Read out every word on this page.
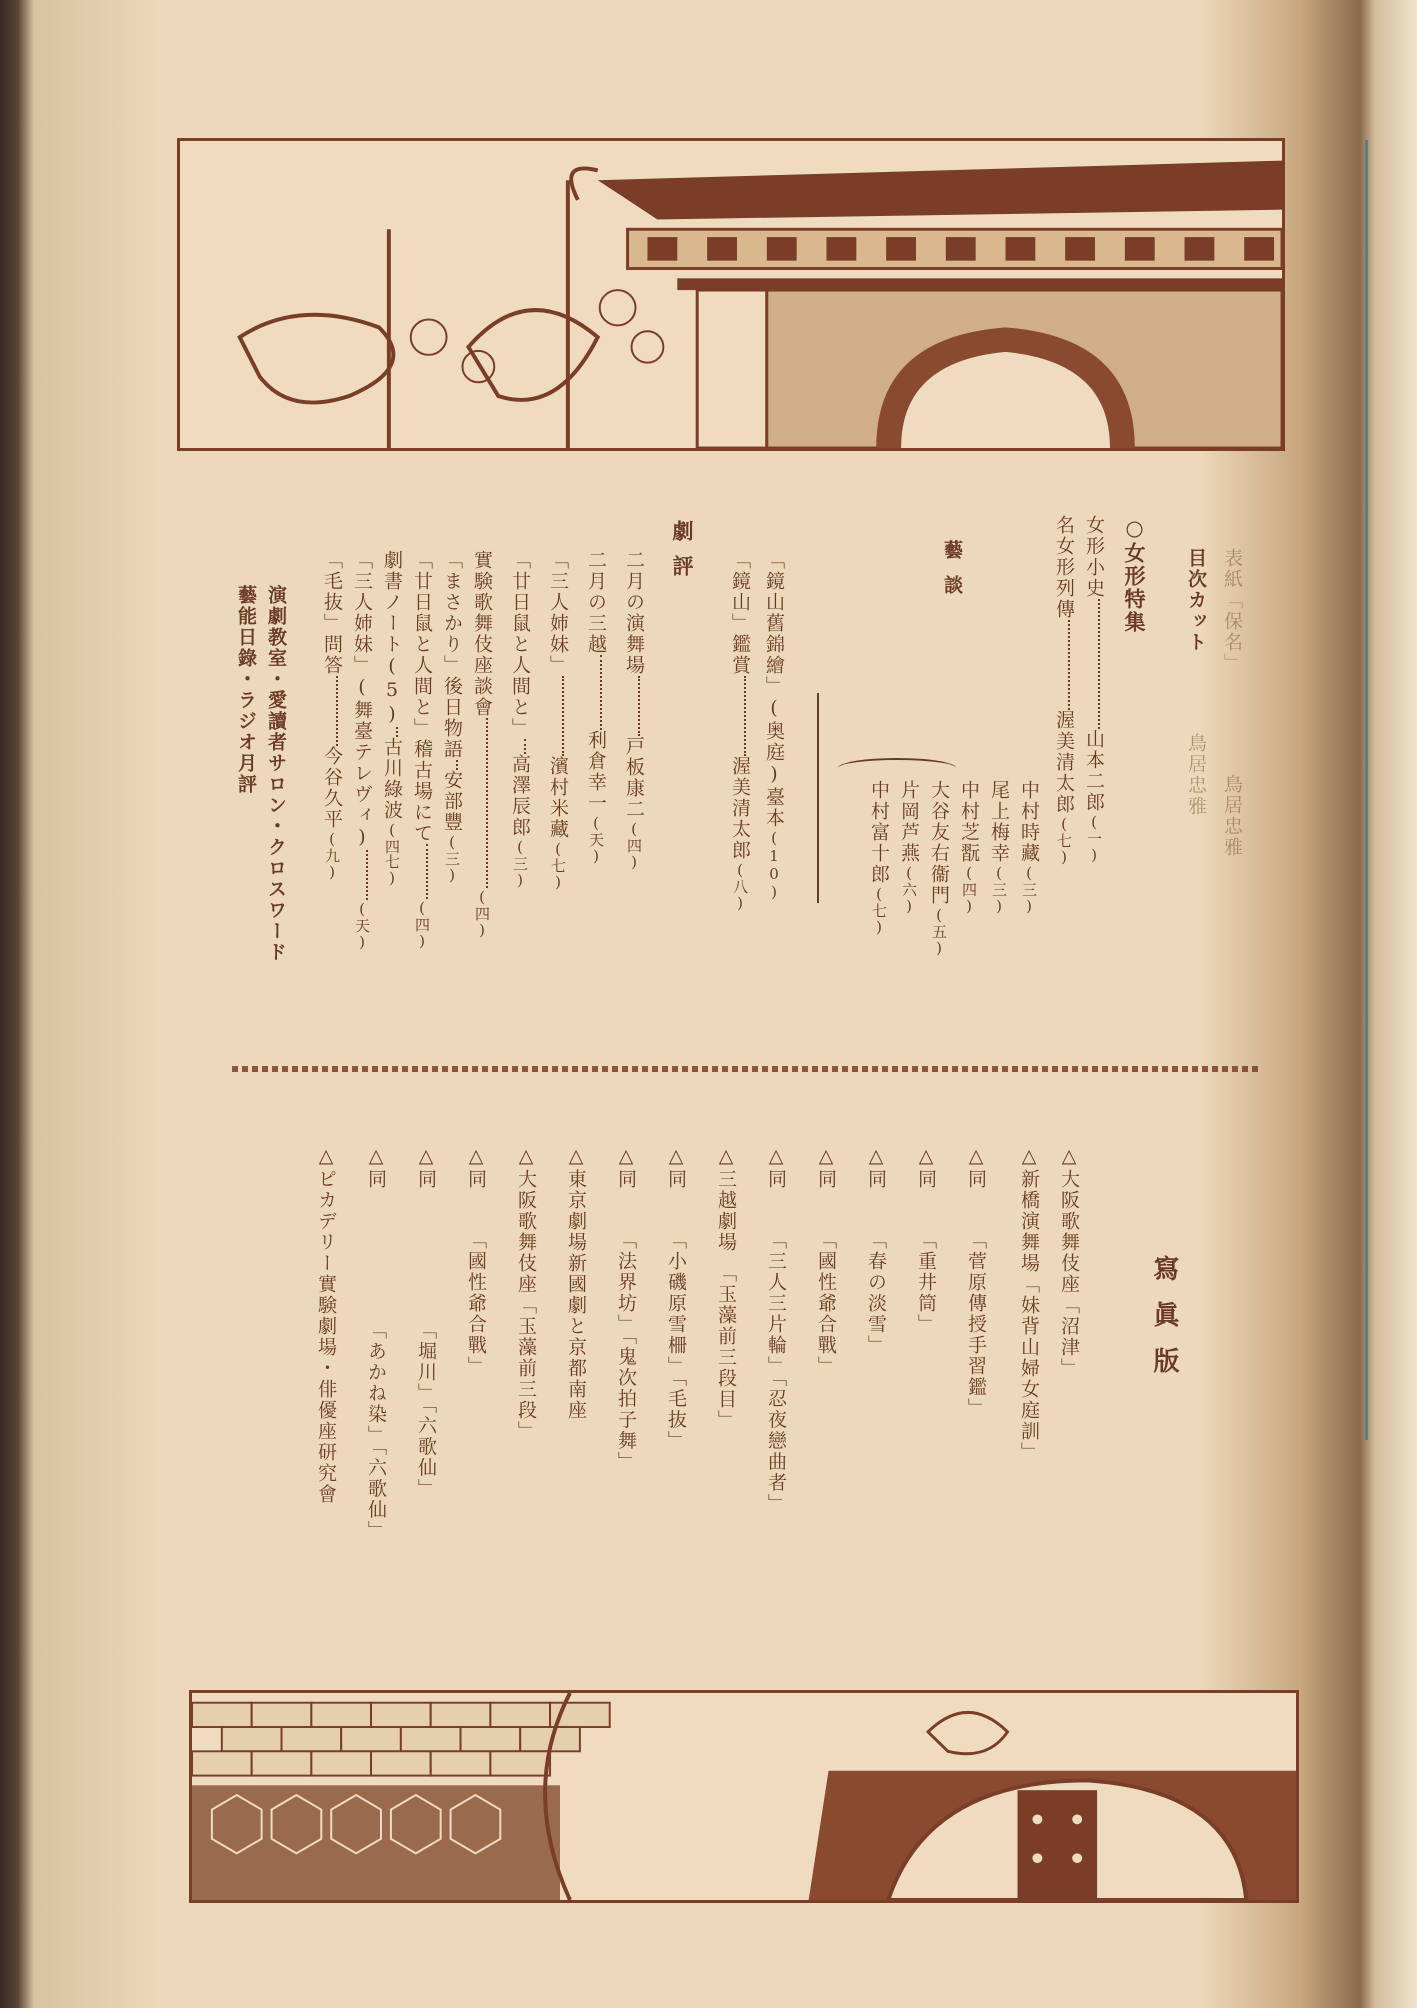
表紙「保名」鳥居忠雅
目次カット鳥居忠雅
○女形特集
女形小史山本二郎(一)
名女形列傳渥美清太郎(七)
藝談
中村時藏(三)
尾上梅幸(三)
中村芝翫(四)
大谷友右衞門(五)
片岡芦燕(六)
中村富十郎(七)
「鏡山舊錦繪」(奥庭)臺本(10)
「鏡山」鑑賞渥美清太郎(八)
劇評
二月の演舞場戸板康二(四)
二月の三越利倉幸一(天)
「三人姉妹」濱村米藏(七)
「廿日鼠と人間と」高澤辰郎(三)
實験歌舞伎座談會(四)
「まさかり」後日物語安部豐(三)
「廿日鼠と人間と」稽古場にて(四)
劇書ノート(5)古川綠波(四七)
「三人姉妹」(舞臺テレヴィ)(天)
「毛抜」問答今谷久平(九)
演劇教室・愛讀者サロン・クロスワード
藝能日錄・ラジオ月評
寫眞版
△大阪歌舞伎座「沼津」
△新橋演舞場「妹背山婦女庭訓」
△同「菅原傳授手習鑑」
△同「重井筒」
△同「春の淡雪」
△同「國性爺合戰」
△同「三人三片輪」「忍夜戀曲者」
△三越劇場「玉藻前三段目」
△同「小磯原雪柵」「毛抜」
△同「法界坊」「鬼次拍子舞」
△東京劇場新國劇と京都南座
△大阪歌舞伎座「玉藻前三段」
△同「國性爺合戰」
△同「堀川」「六歌仙」
△同「あかね染」「六歌仙」
△ピカデリー實験劇場・俳優座研究會
